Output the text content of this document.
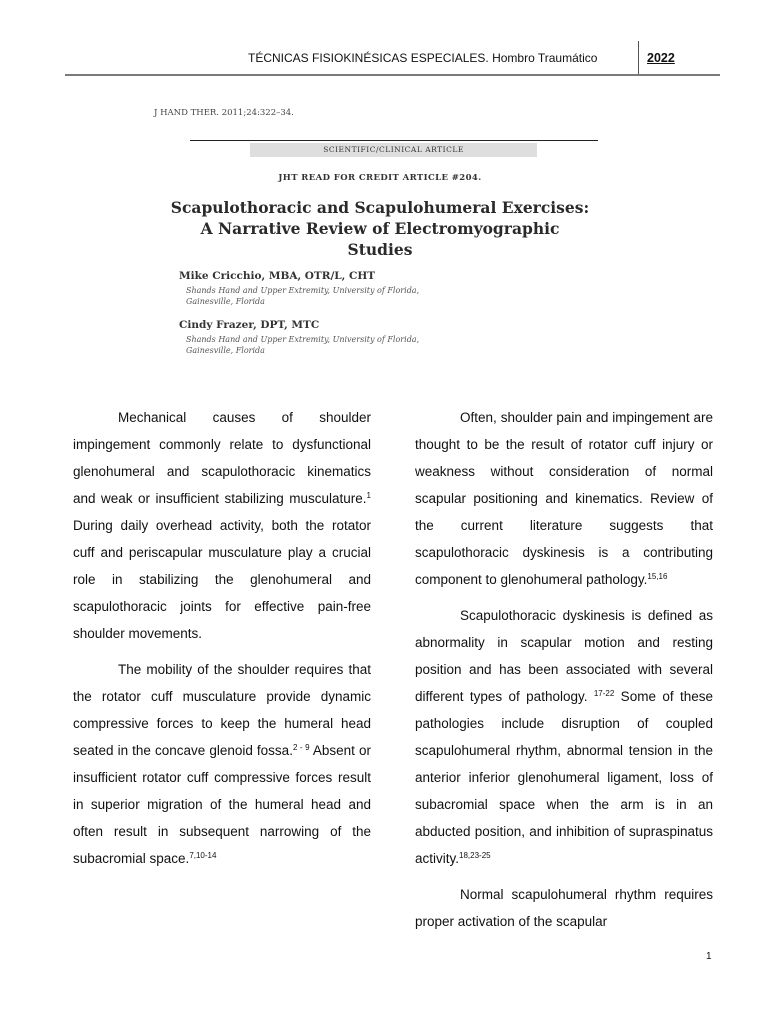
TÉCNICAS FISIOKINÉSICAS ESPECIALES. Hombro Traumático	2022
J HAND THER. 2011;24:322–34.
SCIENTIFIC/CLINICAL ARTICLE
JHT READ FOR CREDIT ARTICLE #204.
Scapulothoracic and Scapulohumeral Exercises:
A Narrative Review of Electromyographic
Studies
Mike Cricchio, MBA, OTR/L, CHT
Shands Hand and Upper Extremity, University of Florida,
Gainesville, Florida
Cindy Frazer, DPT, MTC
Shands Hand and Upper Extremity, University of Florida,
Gainesville, Florida

Mechanical causes of shoulder impingement commonly relate to dysfunctional glenohumeral and scapulothoracic kinematics and weak or insufficient stabilizing musculature.$^1$ During daily overhead activity, both the rotator cuff and periscapular musculature play a crucial role in stabilizing the glenohumeral and scapulothoracic joints for effective pain-free shoulder movements.

The mobility of the shoulder requires that the rotator cuff musculature provide dynamic compressive forces to keep the humeral head seated in the concave glenoid fossa.$^{2 - 9}$ Absent or insufficient rotator cuff compressive forces result in superior migration of the humeral head and often result in subsequent narrowing of the subacromial space.$^{7,10-14}$

Often, shoulder pain and impingement are thought to be the result of rotator cuff injury or weakness without consideration of normal scapular positioning and kinematics. Review of the current literature suggests that scapulothoracic dyskinesis is a contributing component to glenohumeral pathology.$^{15,16}$

Scapulothoracic dyskinesis is defined as abnormality in scapular motion and resting position and has been associated with several different types of pathology. $^{17-22}$ Some of these pathologies include disruption of coupled scapulohumeral rhythm, abnormal tension in the anterior inferior glenohumeral ligament, loss of subacromial space when the arm is in an abducted position, and inhibition of supraspinatus activity.$^{18,23-25}$

Normal scapulohumeral rhythm requires proper activation of the scapular

1
